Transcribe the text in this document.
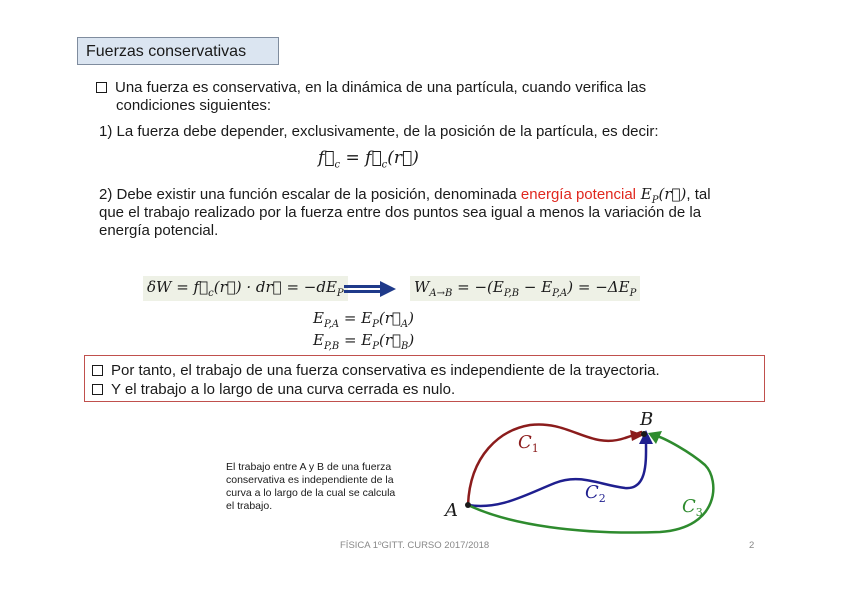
Fuerzas conservativas
Una fuerza es conservativa, en la dinámica de una partícula, cuando verifica las
condiciones siguientes:
1) La fuerza debe depender, exclusivamente, de la posición de la partícula, es decir:
$f⃗_c$ = $f⃗_c(r⃗)$
2) Debe existir una función escalar de la posición, denominada energía potencial $E_P(r⃗)$, tal
que el trabajo realizado por la fuerza entre dos puntos sea igual a menos la variación de la
energía potencial.
$\delta W = f⃗_c(r⃗)$ · dr⃗ = $-dE_P$	$W_{A\to B} = -(E_{P,B} - E_{P,A}) = -\Delta E_P$
$E_{P,A}$ = $E_P(r⃗_A)$
$E_{P,B}$ = $E_P(r⃗_B)$
Por tanto, el trabajo de una fuerza conservativa es independiente de la trayectoria.
Y el trabajo a lo largo de una curva cerrada es nulo.
El trabajo entre A y B de una fuerza
conservativa es independiente de la
curva a lo largo de la cual se calcula
el trabajo.	A
B
$C_1$
$C_2$	$C_3$
FÍSICA 1ºGITT. CURSO 2017/2018	2
